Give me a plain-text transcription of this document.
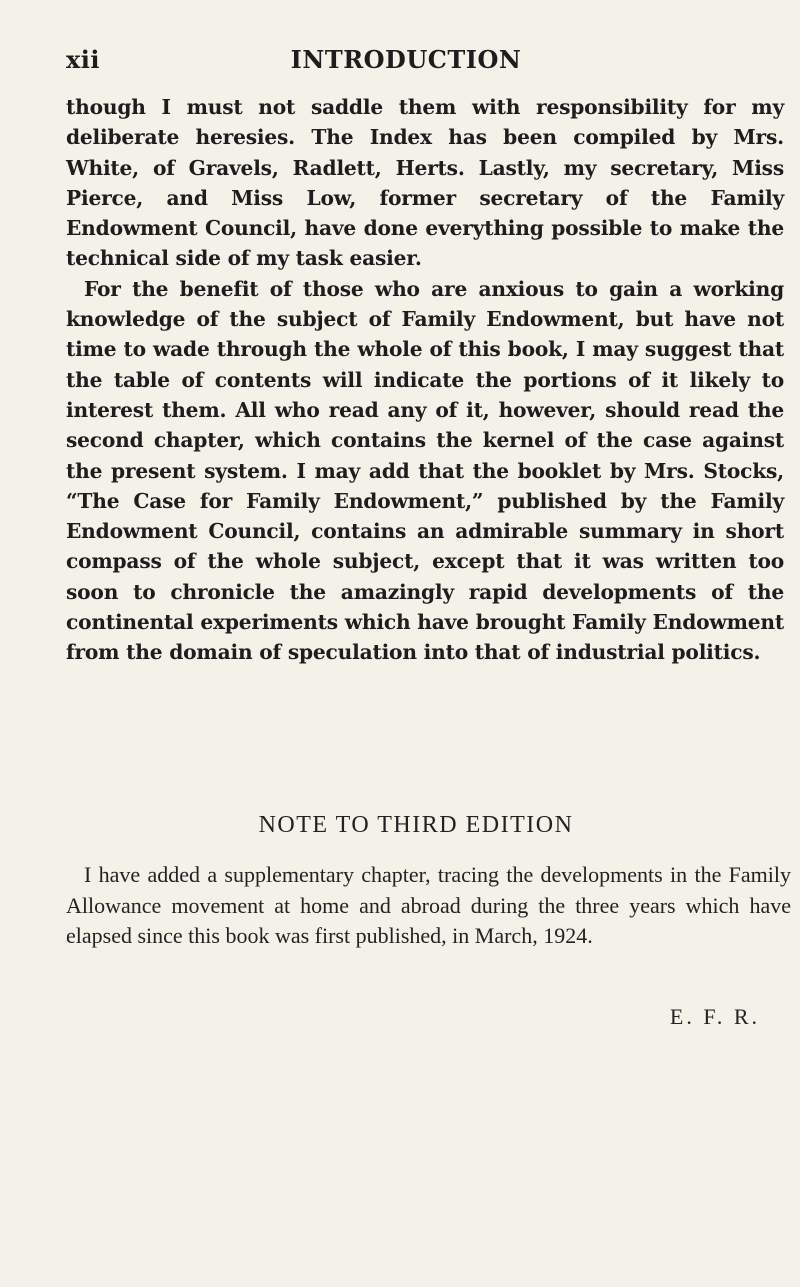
xii	INTRODUCTION

though I must not saddle them with responsibility for my deliberate heresies. The Index has been compiled by Mrs. White, of Gravels, Radlett, Herts. Lastly, my secretary, Miss Pierce, and Miss Low, former secretary of the Family Endowment Council, have done everything possible to make the technical side of my task easier.

For the benefit of those who are anxious to gain a working knowledge of the subject of Family Endowment, but have not time to wade through the whole of this book, I may suggest that the table of contents will indicate the portions of it likely to interest them. All who read any of it, however, should read the second chapter, which contains the kernel of the case against the present system. I may add that the booklet by Mrs. Stocks, “The Case for Family Endowment,” published by the Family Endowment Council, contains an admirable summary in short compass of the whole subject, except that it was written too soon to chronicle the amazingly rapid developments of the continental experiments which have brought Family Endowment from the domain of speculation into that of industrial politics.

NOTE TO THIRD EDITION
I have added a supplementary chapter, tracing the developments in the Family Allowance movement at home and abroad during the three years which have elapsed since this book was first published, in March, 1924.
E. F. R.
